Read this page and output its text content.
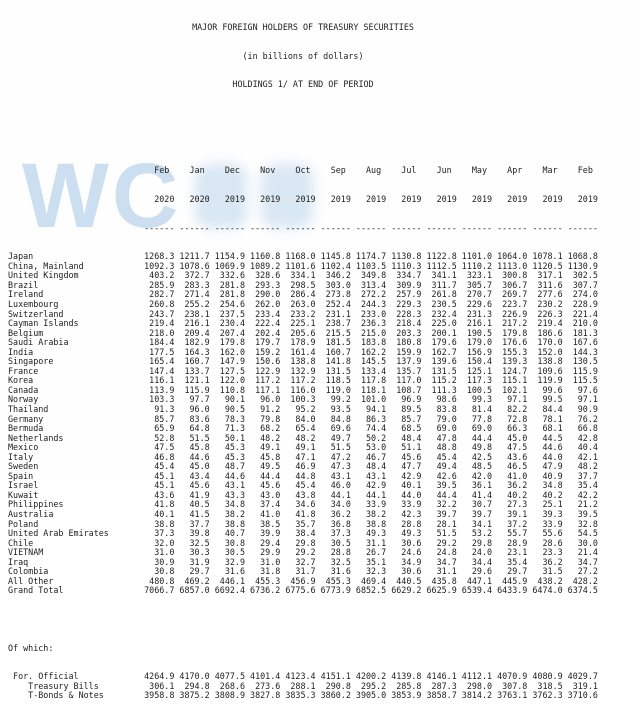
WC

MAJOR FOREIGN HOLDERS OF TREASURY SECURITIES

(in billions of dollars)

HOLDINGS 1/ AT END OF PERIOD

Feb    Jan    Dec    Nov    Oct    Sep    Aug    Jul    Jun    May    Apr    Mar    Feb

2020   2020   2019   2019   2019   2019   2019   2019   2019   2019   2019   2019   2019

------ ------ ------ ------ ------ ------ ------ ------ ------ ------ ------ ------ ------

Japan                      1268.3 1211.7 1154.9 1160.8 1168.0 1145.8 1174.7 1130.8 1122.8 1101.0 1064.0 1078.1 1068.8
China, Mainland            1092.3 1078.6 1069.9 1089.2 1101.6 1102.4 1103.5 1110.3 1112.5 1110.2 1113.0 1120.5 1130.9
United Kingdom              403.2  372.7  332.6  328.6  334.1  346.2  349.8  334.7  341.1  323.1  300.8  317.1  302.5
Brazil                      285.9  283.3  281.8  293.3  298.5  303.0  313.4  309.9  311.7  305.7  306.7  311.6  307.7
Ireland                     282.7  271.4  281.8  290.0  286.4  273.8  272.2  257.9  261.8  270.7  269.7  277.6  274.0
Luxembourg                  260.8  255.2  254.6  262.0  263.0  252.4  244.3  229.3  230.5  229.6  223.7  230.2  228.9
Switzerland                 243.7  238.1  237.5  233.4  233.2  231.1  233.0  228.3  232.4  231.3  226.9  226.3  221.4
Cayman Islands              219.4  216.1  230.4  222.4  225.1  238.7  236.3  218.4  225.0  216.1  217.2  219.4  210.0
Belgium                     218.0  209.4  207.4  202.4  205.6  215.5  215.0  203.3  200.1  190.5  179.8  186.6  181.3
Saudi Arabia                184.4  182.9  179.8  179.7  178.9  181.5  183.8  180.8  179.6  179.0  176.6  170.0  167.6
India                       177.5  164.3  162.0  159.2  161.4  160.7  162.2  159.9  162.7  156.9  155.3  152.0  144.3
Singapore                   165.4  160.7  147.9  150.6  138.8  141.8  145.5  137.9  139.6  150.4  139.3  138.8  130.5
France                      147.4  133.7  127.5  122.9  132.9  131.5  133.4  135.7  131.5  125.1  124.7  109.6  115.9
Korea                       116.1  121.1  122.0  117.2  117.2  118.5  117.8  117.0  115.2  117.3  115.1  119.9  115.5
Canada                      113.9  115.9  110.8  117.1  116.0  119.0  118.1  108.7  111.3  100.5  102.1   99.6   97.6
Norway                      103.3   97.7   90.1   96.0  100.3   99.2  101.0   96.9   98.6   99.3   97.1   99.5   97.1
Thailand                     91.3   96.0   90.5   91.2   95.2   93.5   94.1   89.5   83.8   81.4   82.2   84.4   90.9
Germany                      85.7   83.6   78.3   79.8   84.0   84.8   86.3   85.7   79.0   77.8   72.8   78.1   76.2
Bermuda                      65.9   64.8   71.3   68.2   65.4   69.6   74.4   68.5   69.0   69.0   66.3   68.1   66.8
Netherlands                  52.8   51.5   50.1   48.2   48.2   49.7   50.2   48.4   47.8   44.4   45.0   44.5   42.8
Mexico                       47.5   45.8   45.3   49.1   49.1   51.5   53.0   51.1   48.8   49.8   47.5   44.6   40.4
Italy                        46.8   44.6   45.3   45.8   47.1   47.2   46.7   45.6   45.4   42.5   43.6   44.0   42.1
Sweden                       45.4   45.0   48.7   49.5   46.9   47.3   48.4   47.7   49.4   48.5   46.5   47.9   48.2
Spain                        45.1   43.4   44.6   44.4   44.8   43.1   43.1   42.9   42.6   42.0   41.0   40.9   37.7
Israel                       45.1   45.6   43.1   45.6   45.4   46.0   42.9   40.1   39.5   36.1   36.2   34.8   35.4
Kuwait                       43.6   41.9   43.3   43.0   43.8   44.1   44.1   44.0   44.4   41.4   40.2   40.2   42.2
Philippines                  41.8   40.5   34.8   37.4   34.6   34.0   33.9   33.9   32.2   30.7   27.3   25.1   21.2
Australia                    40.1   41.5   38.2   41.0   41.8   36.2   38.2   42.3   39.7   39.7   39.1   39.3   39.5
Poland                       38.8   37.7   38.8   38.5   35.7   36.8   38.8   28.8   28.1   34.1   37.2   33.9   32.8
United Arab Emirates         37.3   39.8   40.7   39.9   38.4   37.3   49.3   49.3   51.5   53.2   55.7   55.6   54.5
Chile                        32.0   32.5   30.8   29.4   29.8   30.5   31.1   30.6   29.2   29.8   28.9   28.6   30.0
VIETNAM                      31.0   30.3   30.5   29.9   29.2   28.8   26.7   24.6   24.8   24.0   23.1   23.3   21.4
Iraq                         30.9   31.9   32.9   31.0   32.7   32.5   35.1   34.9   34.7   34.4   35.4   36.2   34.7
Colombia                     30.8   29.7   31.6   31.8   31.7   31.6   32.3   30.6   31.1   29.6   29.7   31.5   27.2
All Other                   480.8  469.2  446.1  455.3  456.9  455.3  469.4  440.5  435.8  447.1  445.9  438.2  428.2
Grand Total                7066.7 6857.0 6692.4 6736.2 6775.6 6773.9 6852.5 6629.2 6625.9 6539.4 6433.9 6474.0 6374.5

Of which:

For. Official             4264.9 4170.0 4077.5 4101.4 4123.4 4151.1 4200.2 4139.8 4146.1 4112.1 4070.9 4080.9 4029.7
Treasury Bills          306.1  294.8  268.6  273.6  288.1  290.8  295.2  285.8  287.3  298.0  307.8  318.5  319.1
T-Bonds & Notes        3958.8 3875.2 3808.9 3827.8 3835.3 3860.2 3905.0 3853.9 3858.7 3814.2 3763.1 3762.3 3710.6
